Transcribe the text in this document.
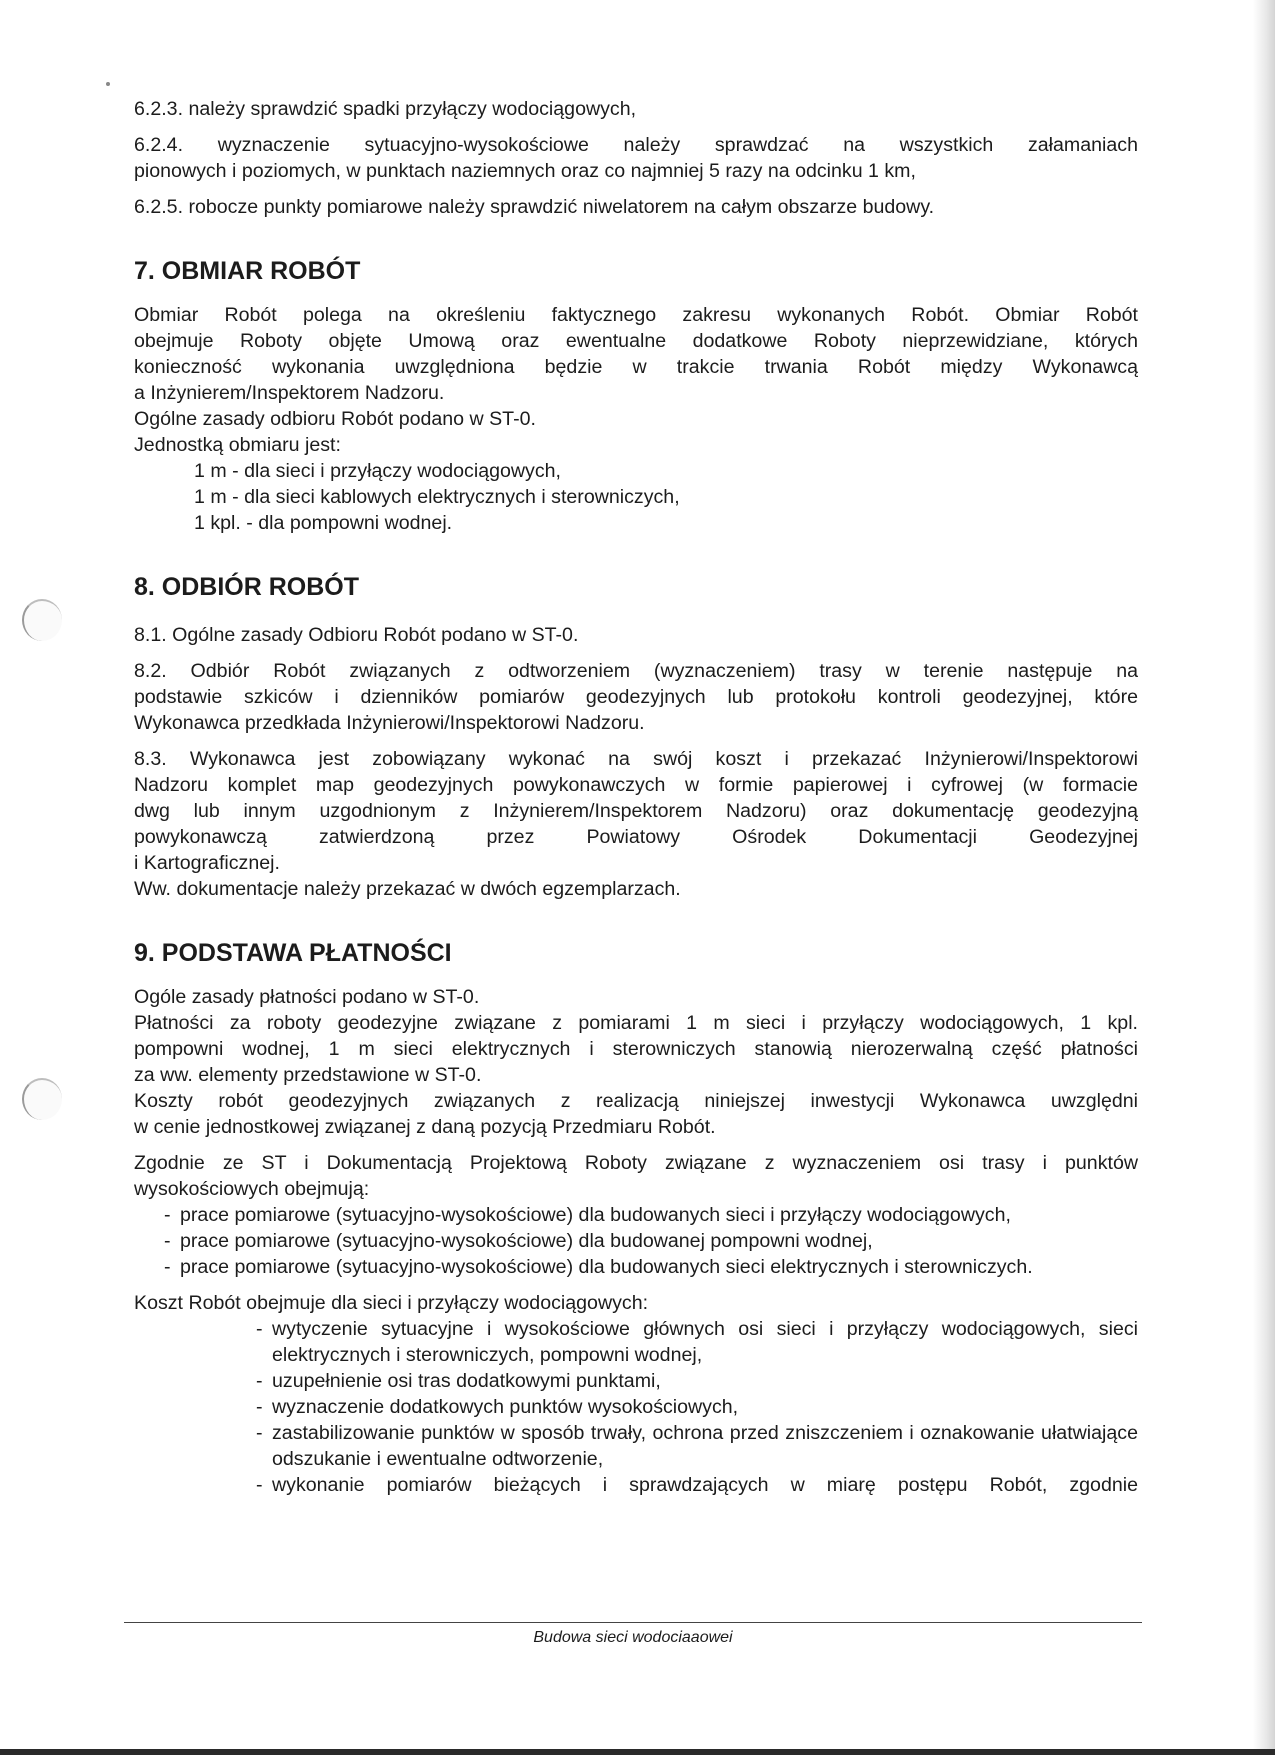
6.2.3. należy sprawdzić spadki przyłączy wodociągowych,

6.2.4. wyznaczenie sytuacyjno-wysokościowe należy sprawdzać na wszystkich załamaniach

pionowych i poziomych, w punktach naziemnych oraz co najmniej 5 razy na odcinku 1 km,

6.2.5. robocze punkty pomiarowe należy sprawdzić niwelatorem na całym obszarze budowy.

7. OBMIAR ROBÓT

Obmiar Robót polega na określeniu faktycznego zakresu wykonanych Robót. Obmiar Robót

obejmuje Roboty objęte Umową oraz ewentualne dodatkowe Roboty nieprzewidziane, których

konieczność wykonania uwzględniona będzie w trakcie trwania Robót między Wykonawcą

a Inżynierem/Inspektorem Nadzoru.

Ogólne zasady odbioru Robót podano w ST-0.

Jednostką obmiaru jest:

1 m - dla sieci i przyłączy wodociągowych,

1 m - dla sieci kablowych elektrycznych i sterowniczych,

1 kpl. - dla pompowni wodnej.

8. ODBIÓR ROBÓT

8.1. Ogólne zasady Odbioru Robót podano w ST-0.

8.2. Odbiór Robót związanych z odtworzeniem (wyznaczeniem) trasy w terenie następuje na

podstawie szkiców i dzienników pomiarów geodezyjnych lub protokołu kontroli geodezyjnej, które

Wykonawca przedkłada Inżynierowi/Inspektorowi Nadzoru.

8.3. Wykonawca jest zobowiązany wykonać na swój koszt i przekazać Inżynierowi/Inspektorowi

Nadzoru komplet map geodezyjnych powykonawczych w formie papierowej i cyfrowej (w formacie

dwg lub innym uzgodnionym z Inżynierem/Inspektorem Nadzoru) oraz dokumentację geodezyjną

powykonawczą zatwierdzoną przez Powiatowy Ośrodek Dokumentacji Geodezyjnej

i Kartograficznej.

Ww. dokumentacje należy przekazać w dwóch egzemplarzach.

9. PODSTAWA PŁATNOŚCI

Ogóle zasady płatności podano w ST-0.

Płatności za roboty geodezyjne związane z pomiarami 1 m sieci i przyłączy wodociągowych, 1 kpl.

pompowni wodnej, 1 m sieci elektrycznych i sterowniczych stanowią nierozerwalną część płatności

za ww. elementy przedstawione w ST-0.

Koszty robót geodezyjnych związanych z realizacją niniejszej inwestycji Wykonawca uwzględni

w cenie jednostkowej związanej z daną pozycją Przedmiaru Robót.

Zgodnie ze ST i Dokumentacją Projektową Roboty związane z wyznaczeniem osi trasy i punktów

wysokościowych obejmują:

- prace pomiarowe (sytuacyjno-wysokościowe) dla budowanych sieci i przyłączy wodociągowych,

- prace pomiarowe (sytuacyjno-wysokościowe) dla budowanej pompowni wodnej,

- prace pomiarowe (sytuacyjno-wysokościowe) dla budowanych sieci elektrycznych i sterowniczych.

Koszt Robót obejmuje dla sieci i przyłączy wodociągowych:

- wytyczenie sytuacyjne i wysokościowe głównych osi sieci i przyłączy wodociągowych, sieci elektrycznych i sterowniczych, pompowni wodnej,

- uzupełnienie osi tras dodatkowymi punktami,

- wyznaczenie dodatkowych punktów wysokościowych,

- zastabilizowanie punktów w sposób trwały, ochrona przed zniszczeniem i oznakowanie ułatwiające odszukanie i ewentualne odtworzenie,

- wykonanie pomiarów bieżących i sprawdzających w miarę postępu Robót, zgodnie

Budowa sieci wodociaaowei
